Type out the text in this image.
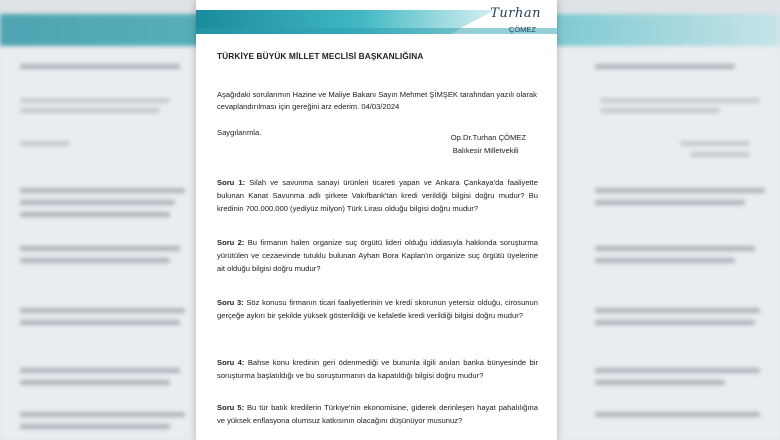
Turhan
ÇÖMEZ
TÜRKİYE BÜYÜK MİLLET MECLİSİ BAŞKANLIĞINA
Aşağıdaki sorularımın Hazine ve Maliye Bakanı Sayın Mehmet ŞİMŞEK tarafından yazılı olarak cevaplandırılması için gereğini arz ederim. 04/03/2024
Saygılarımla.
Op.Dr.Turhan ÇÖMEZ
Balıkesir Milletvekili
Soru 1: Silah ve savunma sanayi ürünleri ticareti yapan ve Ankara Çankaya'da faaliyette bulunan Kanat Savunma adlı şirkete Vakıfbank'tan kredi verildiği bilgisi doğru mudur? Bu kredinin 700.000.000 (yediyüz milyon) Türk Lirası olduğu bilgisi doğru mudur?
Soru 2: Bu firmanın halen organize suç örgütü lideri olduğu iddiasıyla hakkında soruşturma yürütülen ve cezaevinde tutuklu bulunan Ayhan Bora Kaplan'ın organize suç örgütü üyelerine ait olduğu bilgisi doğru mudur?
Soru 3: Söz konusu firmanın ticari faaliyetlerinin ve kredi skorunun yetersiz olduğu, cirosunun gerçeğe aykırı bir şekilde yüksek gösterildiği ve kefaletle kredi verildiği bilgisi doğru mudur?
Soru 4: Bahse konu kredinin geri ödenmediği ve bununla ilgili anılan banka bünyesinde bir soruşturma başlatıldığı ve bu soruşturmanın da kapatıldığı bilgisi doğru mudur?
Soru 5: Bu tür batık kredilerin Türkiye'nin ekonomisine, giderek derinleşen hayat pahalılığına ve yüksek enflasyona olumsuz katkısının olacağını düşünüyor musunuz?
